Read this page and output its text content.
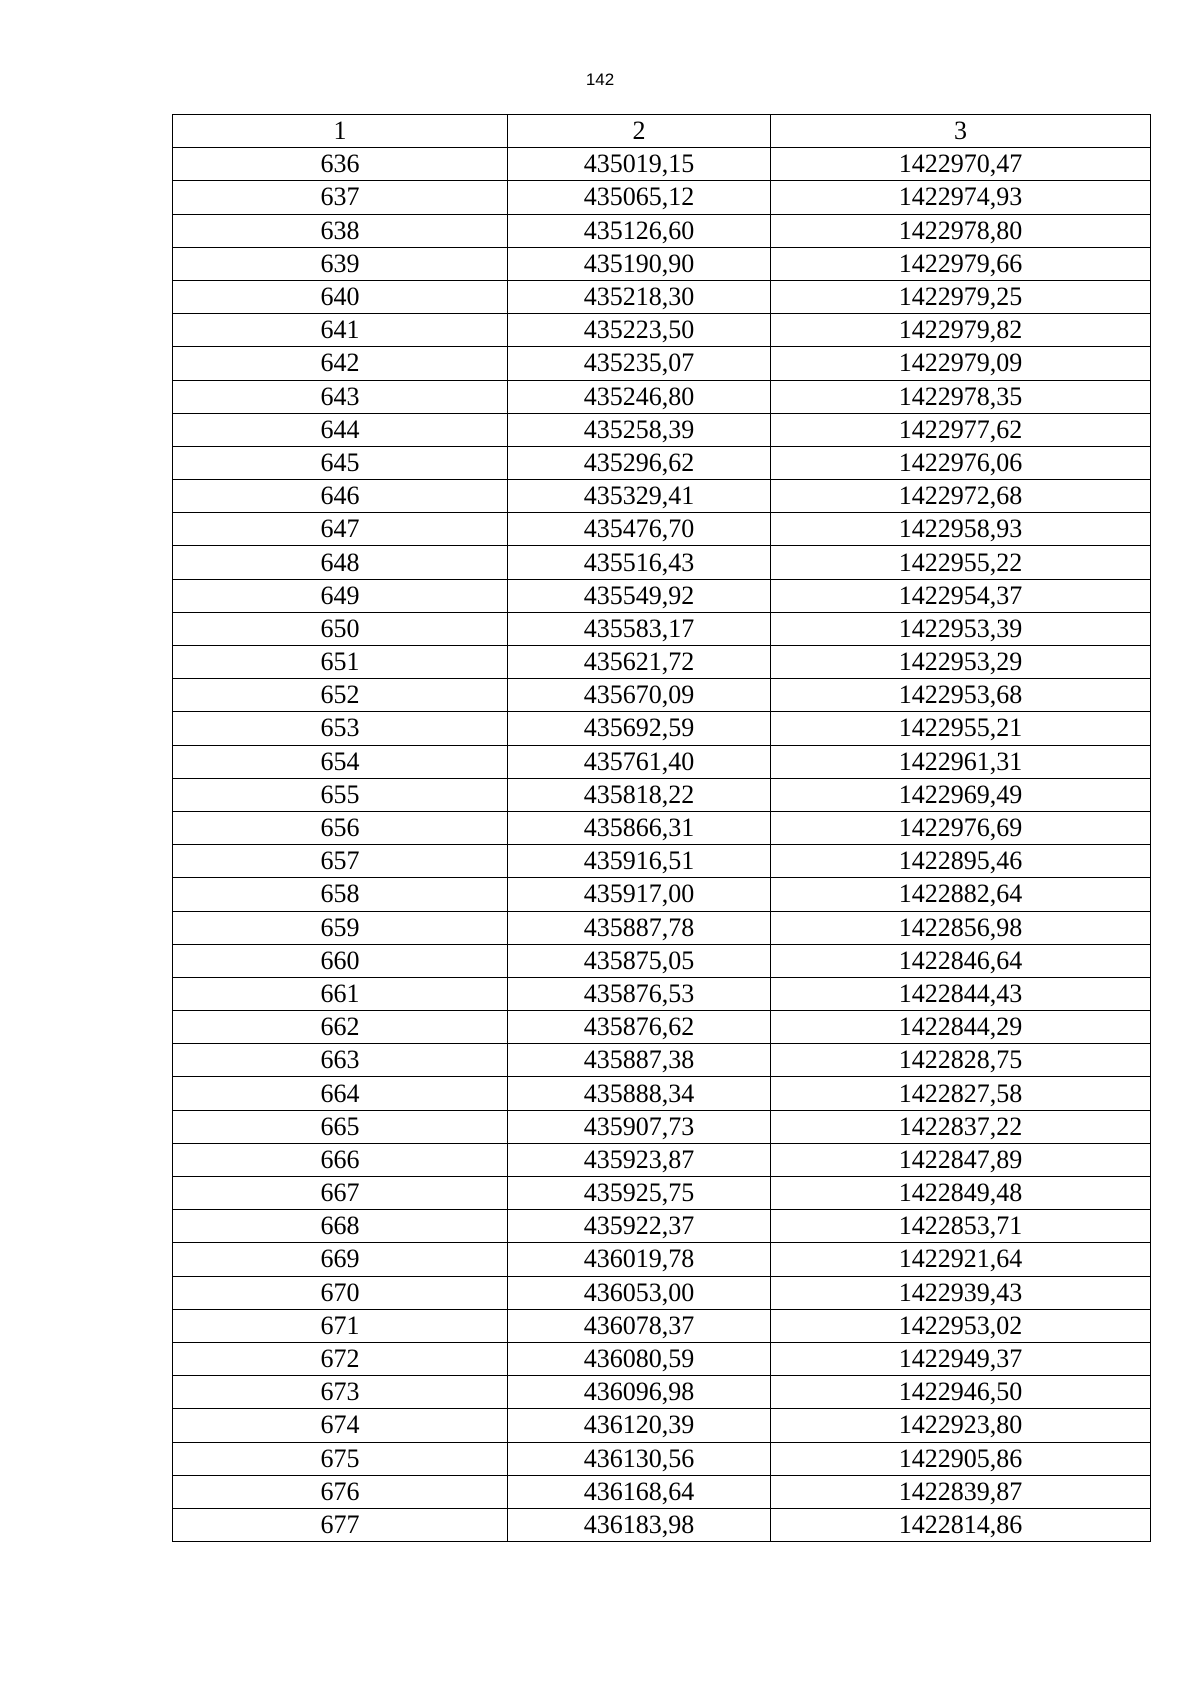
142
1	2	3
636	435019,15	1422970,47
637	435065,12	1422974,93
638	435126,60	1422978,80
639	435190,90	1422979,66
640	435218,30	1422979,25
641	435223,50	1422979,82
642	435235,07	1422979,09
643	435246,80	1422978,35
644	435258,39	1422977,62
645	435296,62	1422976,06
646	435329,41	1422972,68
647	435476,70	1422958,93
648	435516,43	1422955,22
649	435549,92	1422954,37
650	435583,17	1422953,39
651	435621,72	1422953,29
652	435670,09	1422953,68
653	435692,59	1422955,21
654	435761,40	1422961,31
655	435818,22	1422969,49
656	435866,31	1422976,69
657	435916,51	1422895,46
658	435917,00	1422882,64
659	435887,78	1422856,98
660	435875,05	1422846,64
661	435876,53	1422844,43
662	435876,62	1422844,29
663	435887,38	1422828,75
664	435888,34	1422827,58
665	435907,73	1422837,22
666	435923,87	1422847,89
667	435925,75	1422849,48
668	435922,37	1422853,71
669	436019,78	1422921,64
670	436053,00	1422939,43
671	436078,37	1422953,02
672	436080,59	1422949,37
673	436096,98	1422946,50
674	436120,39	1422923,80
675	436130,56	1422905,86
676	436168,64	1422839,87
677	436183,98	1422814,86
